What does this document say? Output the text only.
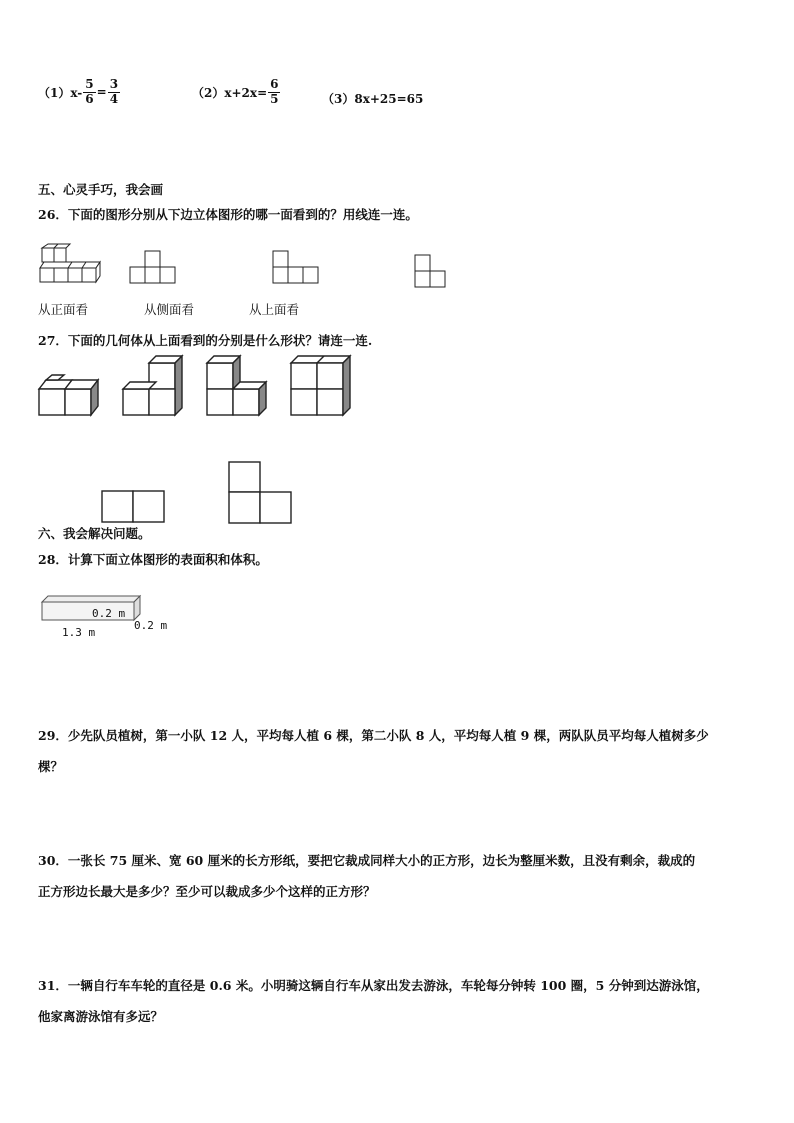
$(1)x- \frac{5}{6} = \frac{3}{4}$	$(2)x+2x= \frac{6}{5}$	（3）8x+25=65
五、心灵手巧，我会画
26．下面的图形分别从下边立体图形的哪一面看到的？用线连一连。
从正面看	从侧面看	从上面看
27．下面的几何体从上面看到的分别是什么形状？请连一连.
六、我会解决问题。
28．计算下面立体图形的表面积和体积。
0.2 m
1.3 m
0.2 m
29．少先队员植树，第一小队 12 人，平均每人植 6 棵，第二小队 8 人，平均每人植 9 棵，两队队员平均每人植树多少
棵？
30．一张长 75 厘米、宽 60 厘米的长方形纸，要把它裁成同样大小的正方形，边长为整厘米数，且没有剩余，裁成的
正方形边长最大是多少？至少可以裁成多少个这样的正方形？
31．一辆自行车车轮的直径是 0.6 米。小明骑这辆自行车从家出发去游泳，车轮每分钟转 100 圈，5 分钟到达游泳馆，
他家离游泳馆有多远？
